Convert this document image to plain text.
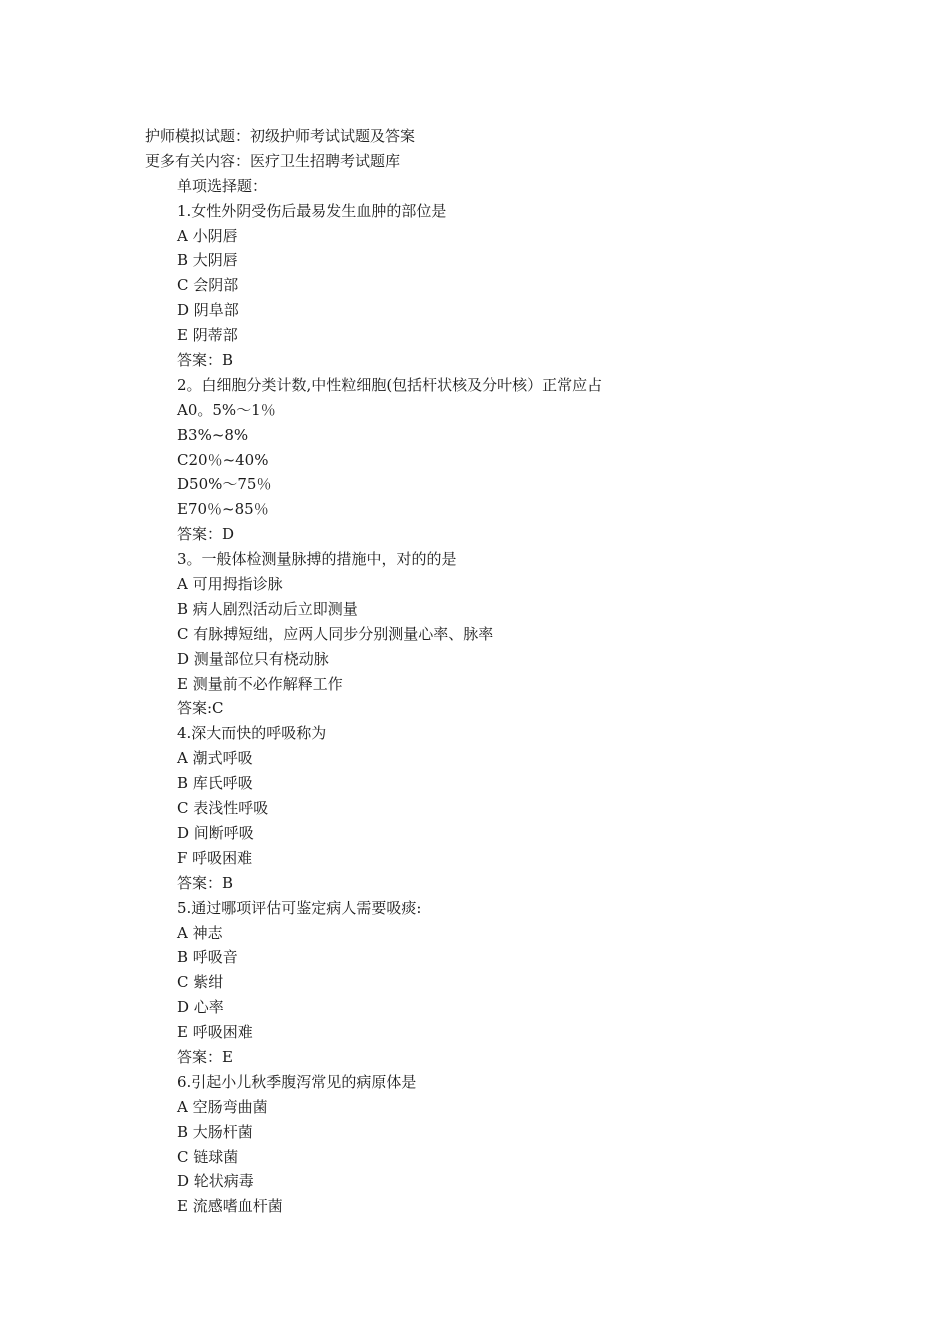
护师模拟试题：初级护师考试试题及答案
更多有关内容：医疗卫生招聘考试题库
单项选择题：
1.女性外阴受伤后最易发生血肿的部位是
A 小阴唇
B 大阴唇
C 会阴部
D 阴阜部
E 阴蒂部
答案：B
2。白细胞分类计数,中性粒细胞(包括杆状核及分叶核）正常应占
A0。5%～1％
B3%~8%
C20％~40%
D50%～75％
E70％~85％
答案：D
3。一般体检测量脉搏的措施中，对的的是
A 可用拇指诊脉
B 病人剧烈活动后立即测量
C 有脉搏短绌，应两人同步分别测量心率、脉率
D 测量部位只有桡动脉
E 测量前不必作解释工作
答案:C
4.深大而快的呼吸称为
A 潮式呼吸
B 库氏呼吸
C 表浅性呼吸
D 间断呼吸
F 呼吸困难
答案：B
5.通过哪项评估可鉴定病人需要吸痰:
A 神志
B 呼吸音
C 紫绀
D 心率
E 呼吸困难
答案：E
6.引起小儿秋季腹泻常见的病原体是
A 空肠弯曲菌
B 大肠杆菌
C 链球菌
D 轮状病毒
E 流感嗜血杆菌
